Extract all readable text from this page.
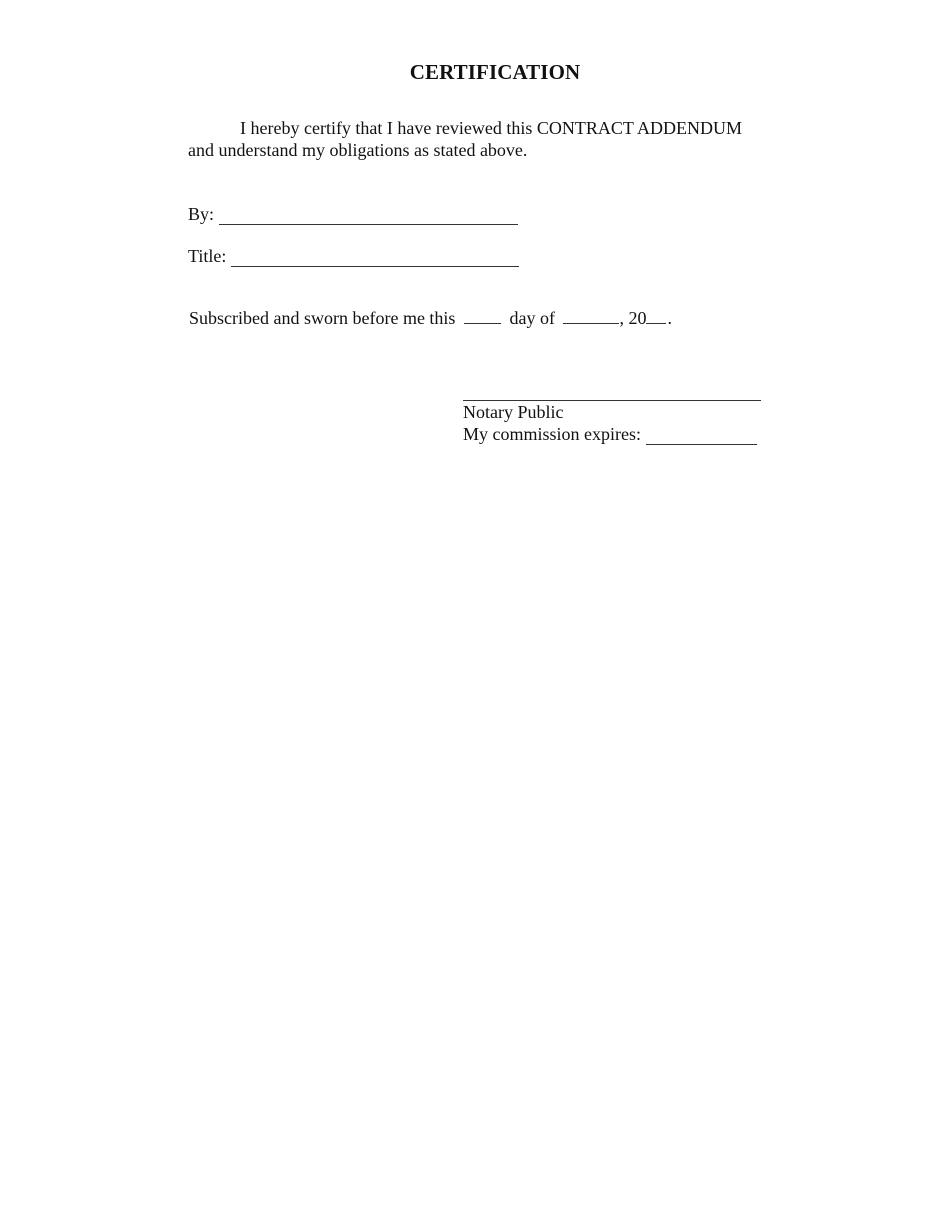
CERTIFICATION

I hereby certify that I have reviewed this CONTRACT ADDENDUM and understand my obligations as stated above.

By:
Title:
Subscribed and sworn before me this	day of	, 20 .
Notary Public
My commission expires:
